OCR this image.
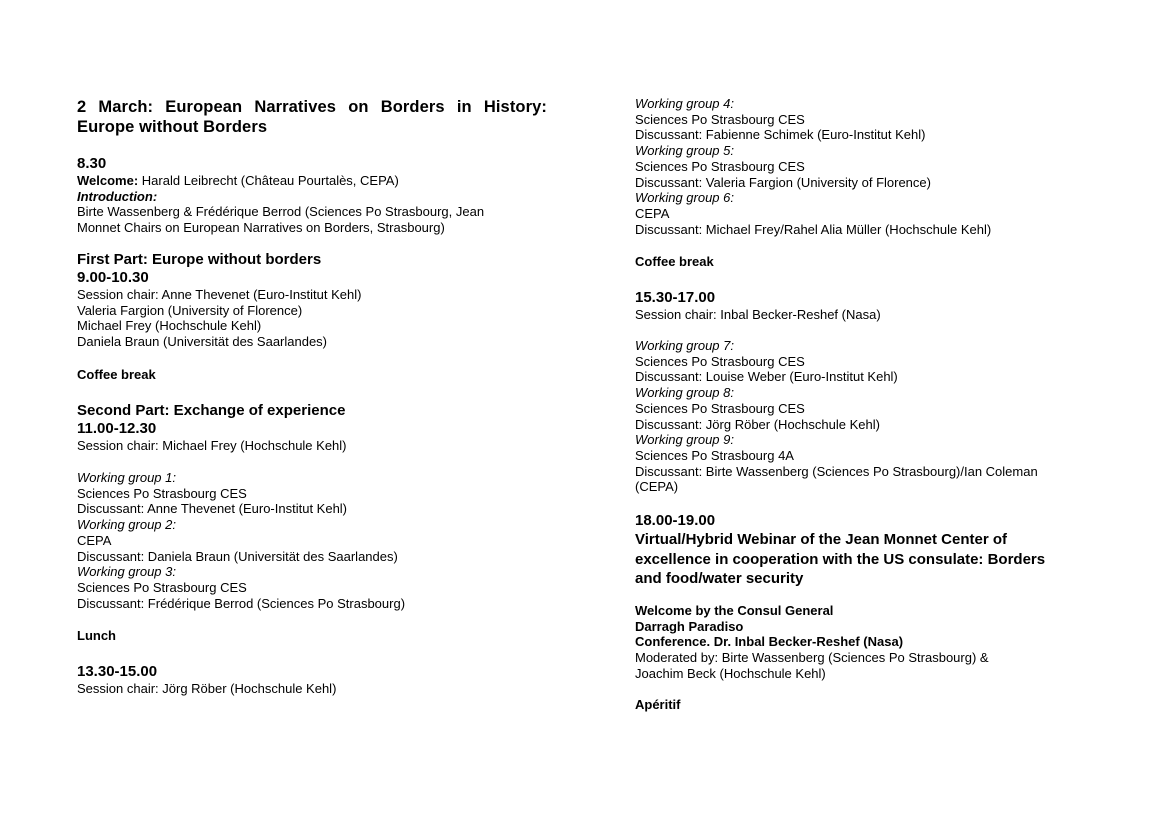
2 March: European Narratives on Borders in History: Europe without Borders
8.30
Welcome: Harald Leibrecht (Château Pourtalès, CEPA)
Introduction:
Birte Wassenberg & Frédérique Berrod (Sciences Po Strasbourg, Jean Monnet Chairs on European Narratives on Borders, Strasbourg)
First Part: Europe without borders
9.00-10.30
Session chair: Anne Thevenet (Euro-Institut Kehl)
Valeria Fargion (University of Florence)
Michael Frey (Hochschule Kehl)
Daniela Braun (Universität des Saarlandes)
Coffee break
Second Part: Exchange of experience
11.00-12.30
Session chair: Michael Frey (Hochschule Kehl)
Working group 1:
Sciences Po Strasbourg CES
Discussant: Anne Thevenet (Euro-Institut Kehl)
Working group 2:
CEPA
Discussant: Daniela Braun (Universität des Saarlandes)
Working group 3:
Sciences Po Strasbourg CES
Discussant: Frédérique Berrod (Sciences Po Strasbourg)
Lunch
13.30-15.00
Session chair: Jörg Röber (Hochschule Kehl)
Working group 4:
Sciences Po Strasbourg CES
Discussant: Fabienne Schimek (Euro-Institut Kehl)
Working group 5:
Sciences Po Strasbourg CES
Discussant: Valeria Fargion (University of Florence)
Working group 6:
CEPA
Discussant: Michael Frey/Rahel Alia Müller (Hochschule Kehl)
Coffee break
15.30-17.00
Session chair: Inbal Becker-Reshef (Nasa)
Working group 7:
Sciences Po Strasbourg CES
Discussant: Louise Weber (Euro-Institut Kehl)
Working group 8:
Sciences Po Strasbourg CES
Discussant: Jörg Röber (Hochschule Kehl)
Working group 9:
Sciences Po Strasbourg 4A
Discussant: Birte Wassenberg (Sciences Po Strasbourg)/Ian Coleman
(CEPA)
18.00-19.00
Virtual/Hybrid Webinar of the Jean Monnet Center of
excellence in cooperation with the US consulate: Borders
and food/water security
Welcome by the Consul General
Darragh Paradiso
Conference. Dr. Inbal Becker-Reshef (Nasa)
Moderated by: Birte Wassenberg (Sciences Po Strasbourg) &
Joachim Beck (Hochschule Kehl)
Apéritif
